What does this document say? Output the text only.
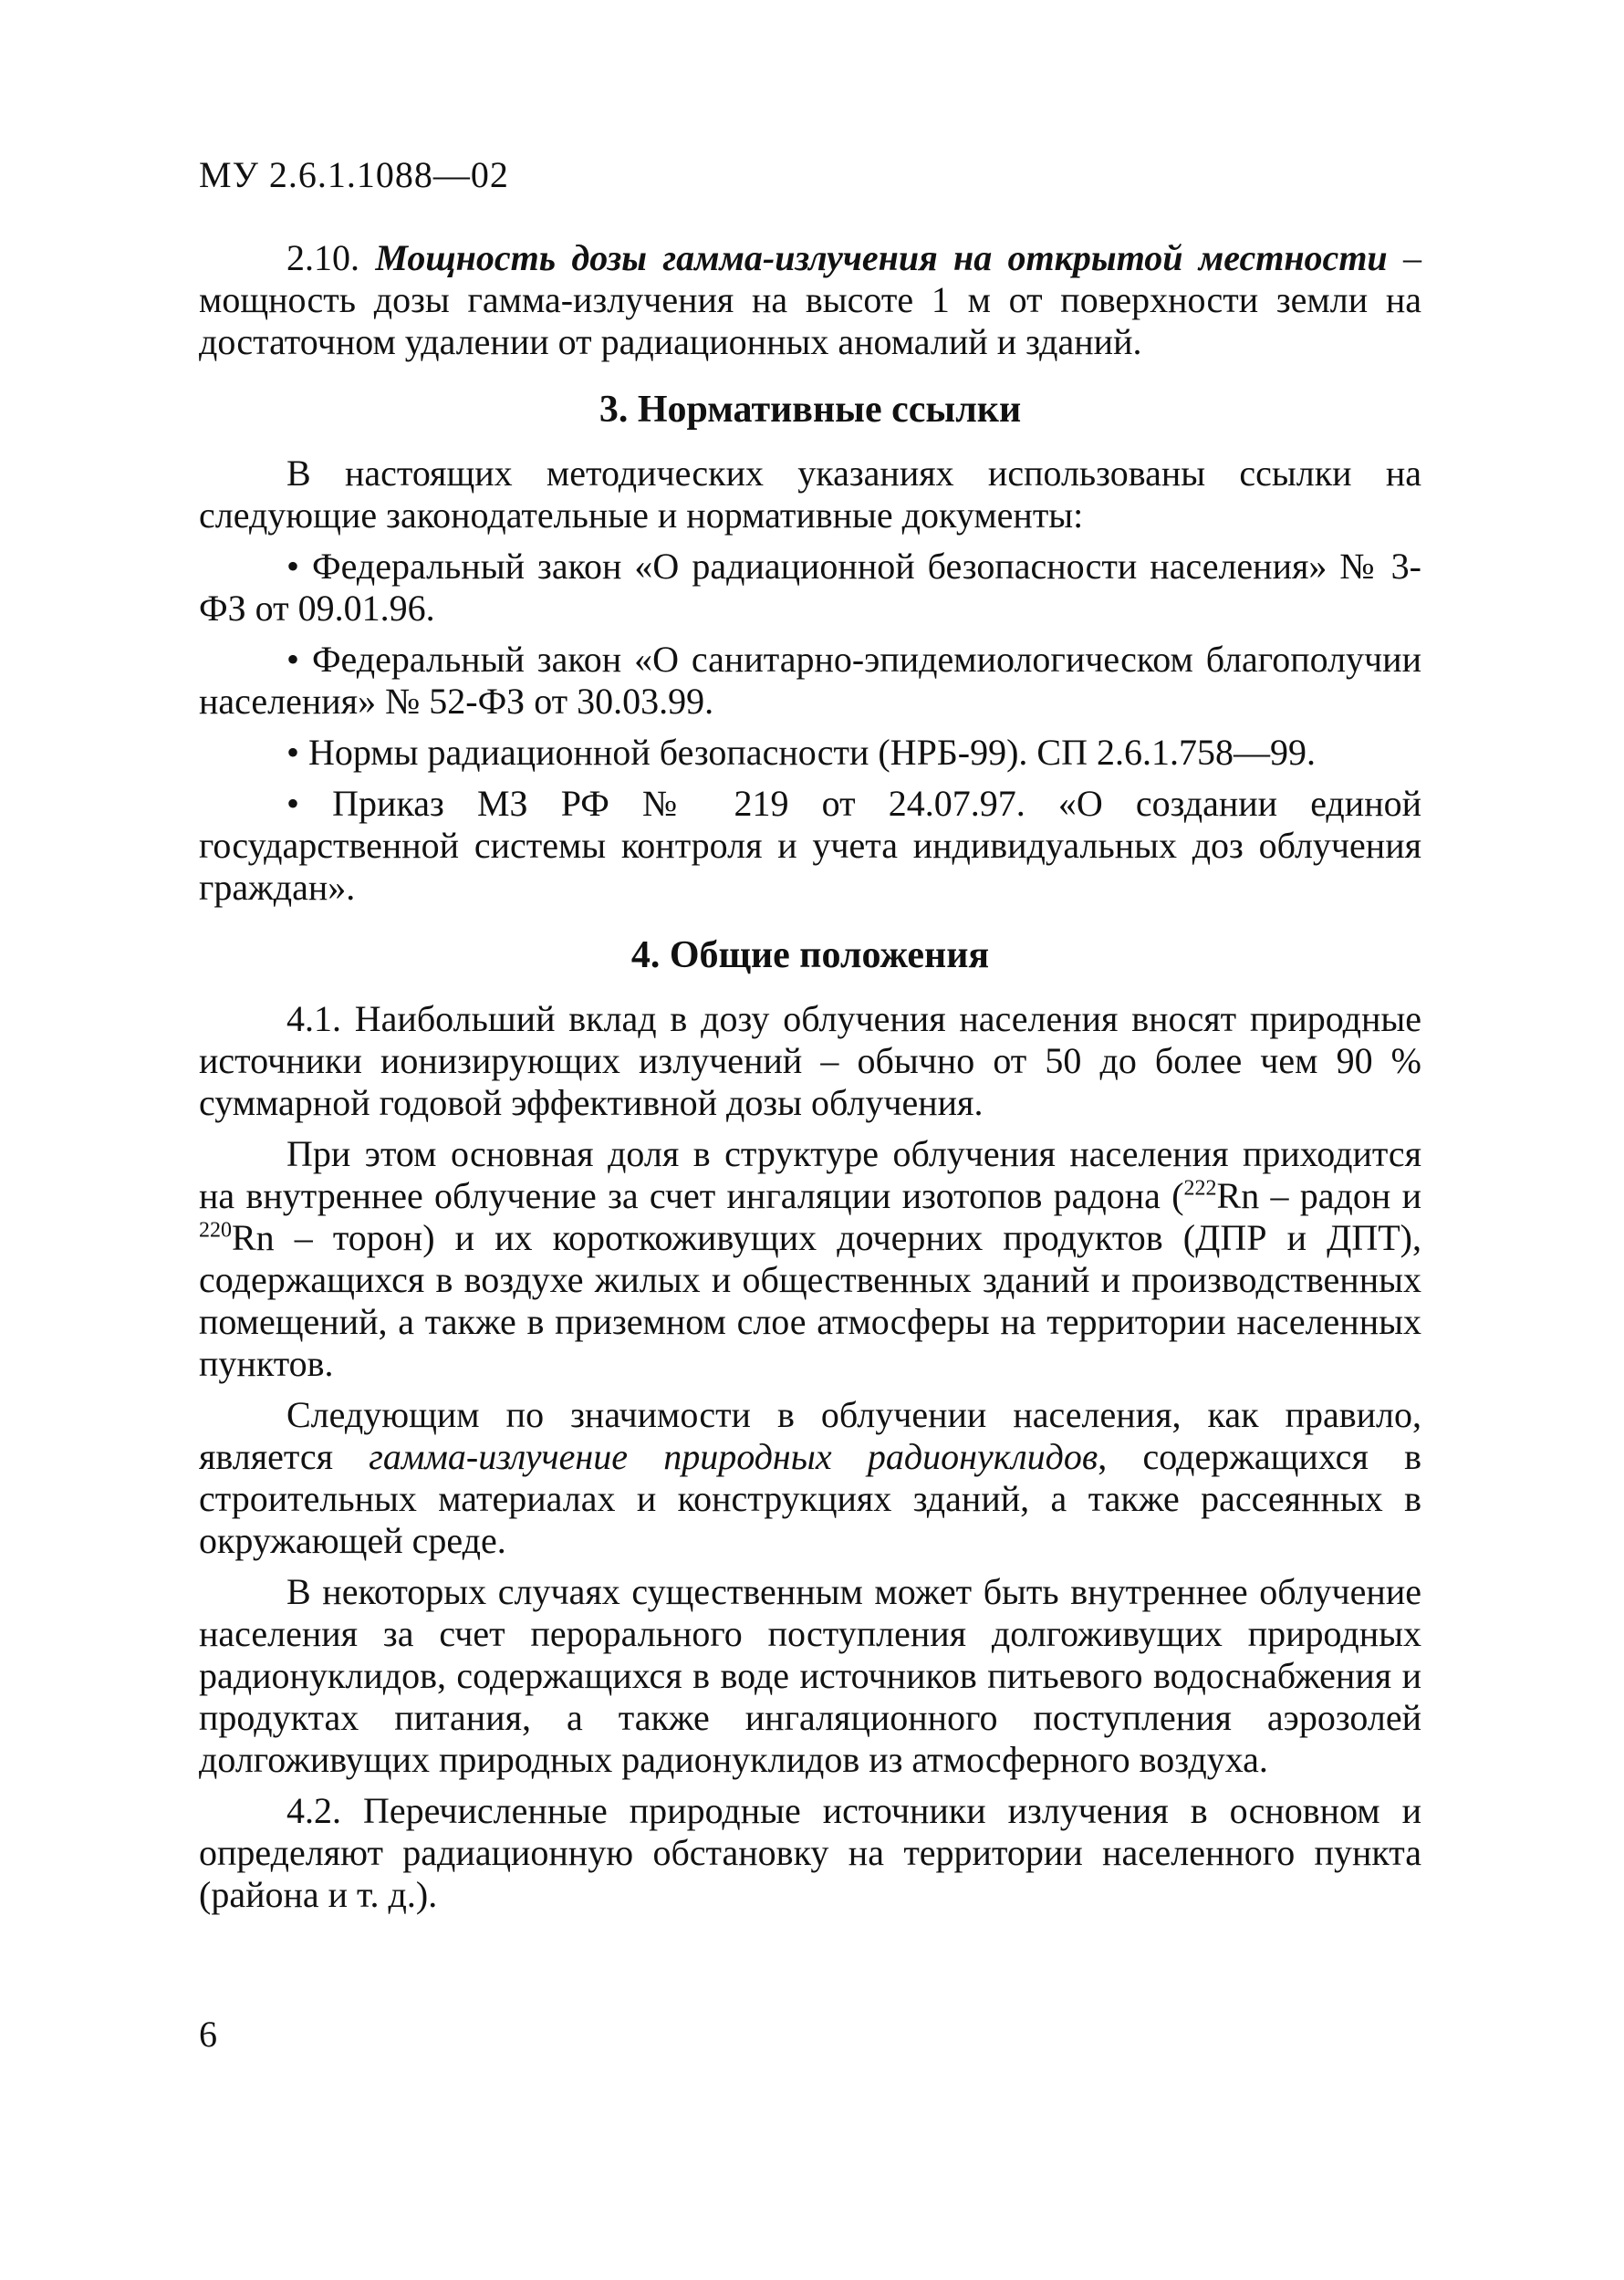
МУ 2.6.1.1088—02

2.10. Мощность дозы гамма-излучения на открытой местности – мощность дозы гамма-излучения на высоте 1 м от поверхности земли на достаточном удалении от радиационных аномалий и зданий.

3. Нормативные ссылки

В настоящих методических указаниях использованы ссылки на следующие законодательные и нормативные документы:

• Федеральный закон «О радиационной безопасности населения» № 3-ФЗ от 09.01.96.

• Федеральный закон «О санитарно-эпидемиологическом благополучии населения» № 52-ФЗ от 30.03.99.

• Нормы радиационной безопасности (НРБ-99). СП 2.6.1.758—99.

• Приказ МЗ РФ № 219 от 24.07.97. «О создании единой государственной системы контроля и учета индивидуальных доз облучения граждан».

4. Общие положения

4.1. Наибольший вклад в дозу облучения населения вносят природные источники ионизирующих излучений – обычно от 50 до более чем 90 % суммарной годовой эффективной дозы облучения.

При этом основная доля в структуре облучения населения приходится на внутреннее облучение за счет ингаляции изотопов радона ($^{222}$Rn – радон и $^{220}$Rn – торон) и их короткоживущих дочерних продуктов (ДПР и ДПТ), содержащихся в воздухе жилых и общественных зданий и производственных помещений, а также в приземном слое атмосферы на территории населенных пунктов.

Следующим по значимости в облучении населения, как правило, является гамма-излучение природных радионуклидов, содержащихся в строительных материалах и конструкциях зданий, а также рассеянных в окружающей среде.

В некоторых случаях существенным может быть внутреннее облучение населения за счет перорального поступления долгоживущих природных радионуклидов, содержащихся в воде источников питьевого водоснабжения и продуктах питания, а также ингаляционного поступления аэрозолей долгоживущих природных радионуклидов из атмосферного воздуха.

4.2. Перечисленные природные источники излучения в основном и определяют радиационную обстановку на территории населенного пункта (района и т. д.).

6
